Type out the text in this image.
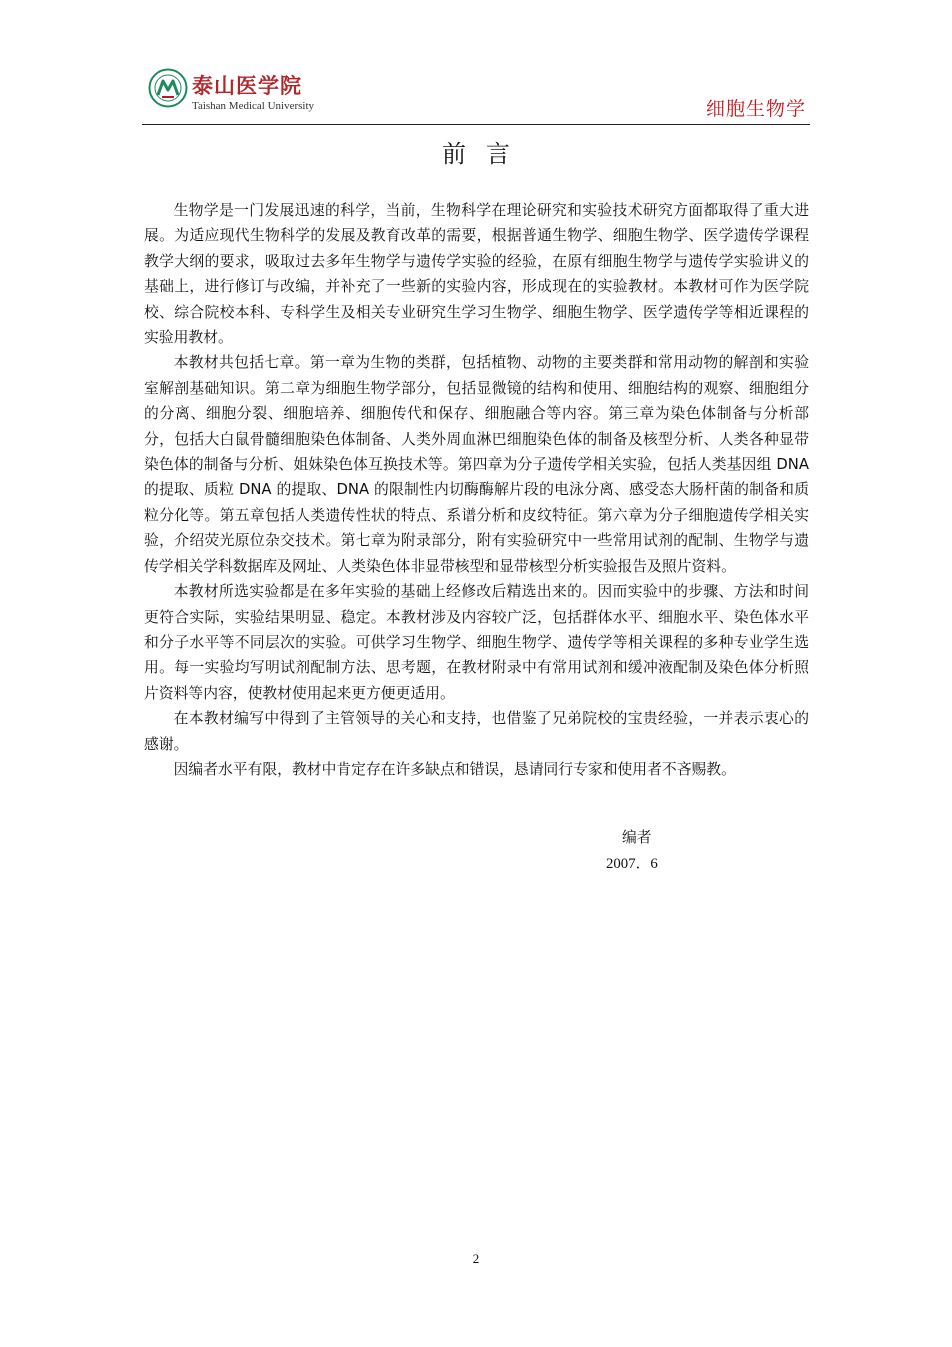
泰山医学院
Taishan Medical University	细胞生物学
前言

生物学是一门发展迅速的科学，当前，生物科学在理论研究和实验技术研究方面都取得了重大进展。为适应现代生物科学的发展及教育改革的需要，根据普通生物学、细胞生物学、医学遗传学课程教学大纲的要求，吸取过去多年生物学与遗传学实验的经验，在原有细胞生物学与遗传学实验讲义的基础上，进行修订与改编，并补充了一些新的实验内容，形成现在的实验教材。本教材可作为医学院校、综合院校本科、专科学生及相关专业研究生学习生物学、细胞生物学、医学遗传学等相近课程的实验用教材。

本教材共包括七章。第一章为生物的类群，包括植物、动物的主要类群和常用动物的解剖和实验室解剖基础知识。第二章为细胞生物学部分，包括显微镜的结构和使用、细胞结构的观察、细胞组分的分离、细胞分裂、细胞培养、细胞传代和保存、细胞融合等内容。第三章为染色体制备与分析部分，包括大白鼠骨髓细胞染色体制备、人类外周血淋巴细胞染色体的制备及核型分析、人类各种显带染色体的制备与分析、姐妹染色体互换技术等。第四章为分子遗传学相关实验，包括人类基因组 DNA 的提取、质粒 DNA 的提取、DNA 的限制性内切酶酶解片段的电泳分离、感受态大肠杆菌的制备和质粒分化等。第五章包括人类遗传性状的特点、系谱分析和皮纹特征。第六章为分子细胞遗传学相关实验，介绍荧光原位杂交技术。第七章为附录部分，附有实验研究中一些常用试剂的配制、生物学与遗传学相关学科数据库及网址、人类染色体非显带核型和显带核型分析实验报告及照片资料。

本教材所选实验都是在多年实验的基础上经修改后精选出来的。因而实验中的步骤、方法和时间更符合实际，实验结果明显、稳定。本教材涉及内容较广泛，包括群体水平、细胞水平、染色体水平和分子水平等不同层次的实验。可供学习生物学、细胞生物学、遗传学等相关课程的多种专业学生选用。每一实验均写明试剂配制方法、思考题，在教材附录中有常用试剂和缓冲液配制及染色体分析照片资料等内容，使教材使用起来更方便更适用。

在本教材编写中得到了主管领导的关心和支持，也借鉴了兄弟院校的宝贵经验，一并表示衷心的感谢。

因编者水平有限，教材中肯定存在许多缺点和错误，恳请同行专家和使用者不吝赐教。

编者
2007．6
2
